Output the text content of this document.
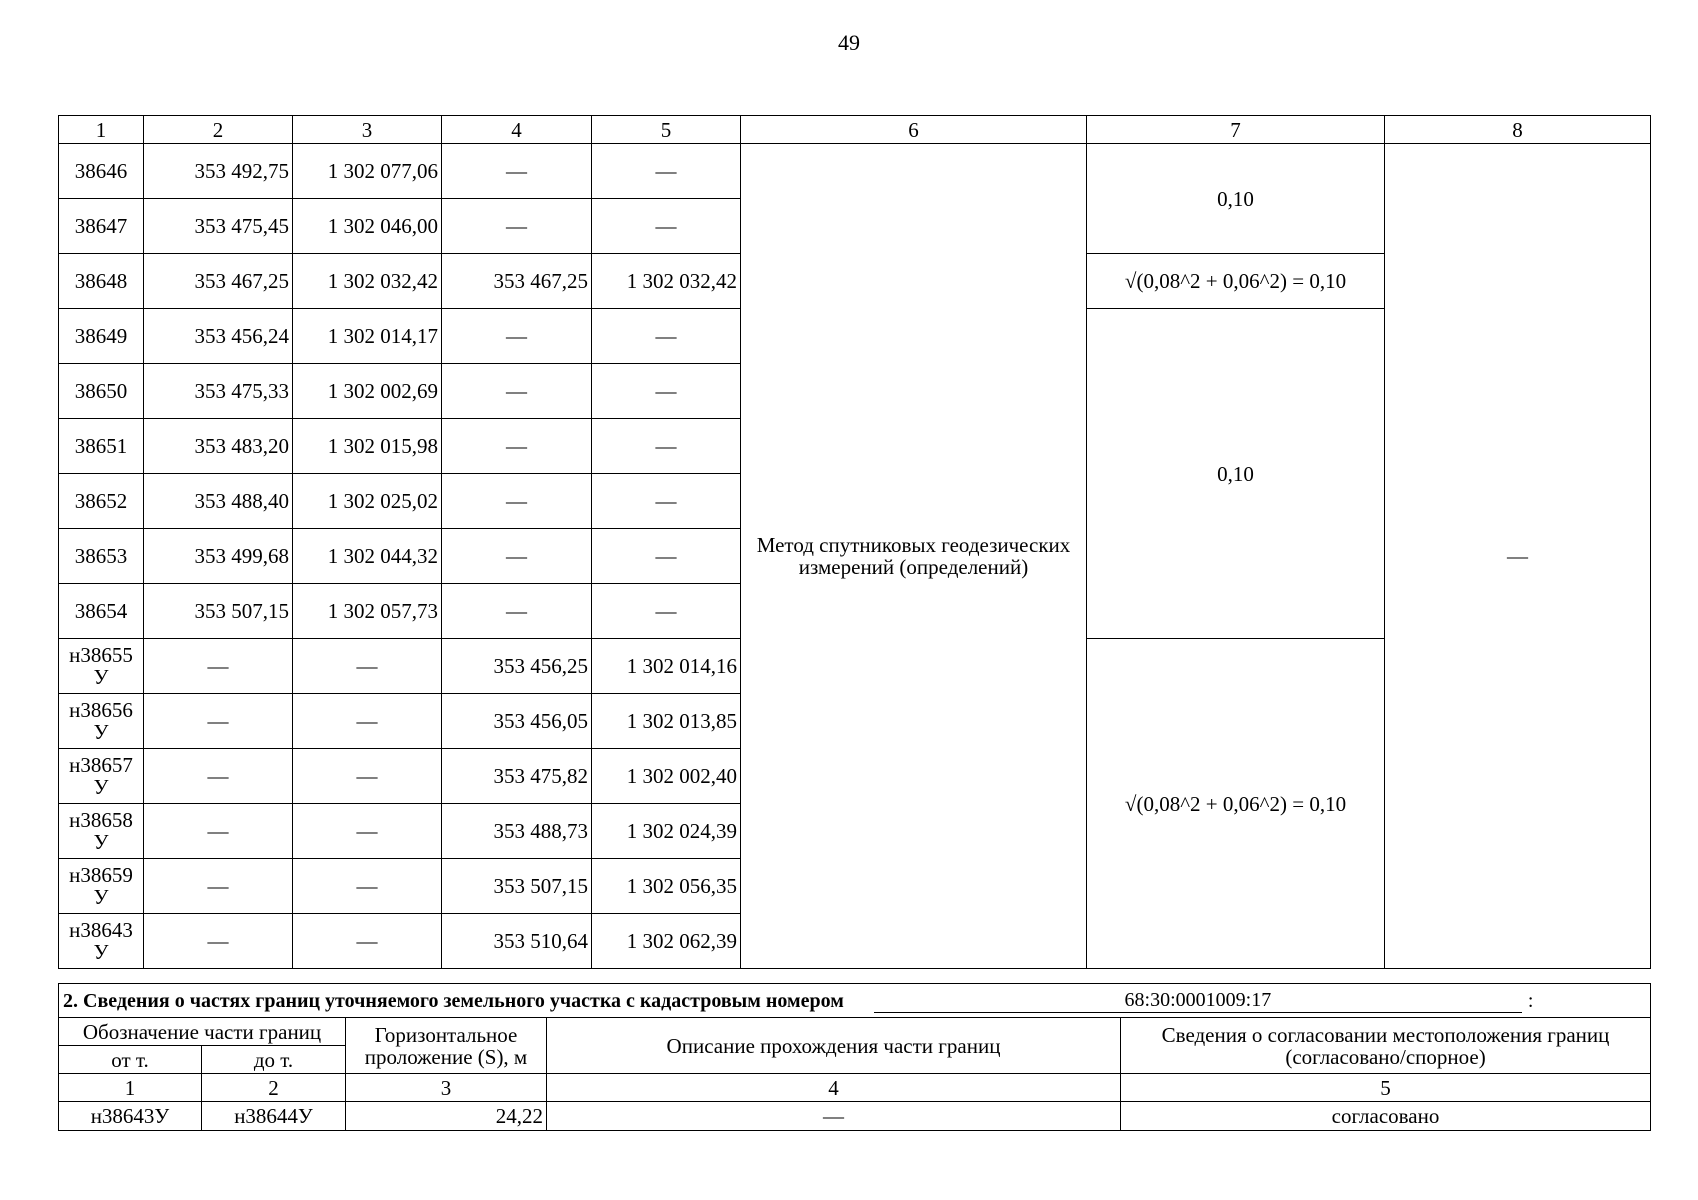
49
1	2	3	4	5	6	7	8
38646	353 492,75	1 302 077,06	—	—	Метод спутниковых геодезических измерений (определений)	0,10	—
38647	353 475,45	1 302 046,00	—	—			
38648	353 467,25	1 302 032,42	353 467,25	1 302 032,42		√(0,08^2 + 0,06^2) = 0,10	
38649	353 456,24	1 302 014,17	—	—		0,10	
38650	353 475,33	1 302 002,69	—	—			
38651	353 483,20	1 302 015,98	—	—			
38652	353 488,40	1 302 025,02	—	—			
38653	353 499,68	1 302 044,32	—	—			
38654	353 507,15	1 302 057,73	—	—			
н38655
У	—	—	353 456,25	1 302 014,16		√(0,08^2 + 0,06^2) = 0,10	
н38656
У	—	—	353 456,05	1 302 013,85			
н38657
У	—	—	353 475,82	1 302 002,40			
н38658
У	—	—	353 488,73	1 302 024,39			
н38659
У	—	—	353 507,15	1 302 056,35			
н38643
У	—	—	353 510,64	1 302 062,39			
2. Сведения о частях границ уточняемого земельного участка с кадастровым номером 68:30:0001009:17 :				

Обозначение части границ		Горизонтальное проложение (S), м	Описание прохождения части границ	Сведения о согласовании местоположения границ (согласовано/спорное)
от т.	до т.			
1	2	3	4	5
н38643У	н38644У	24,22	—	согласовано
